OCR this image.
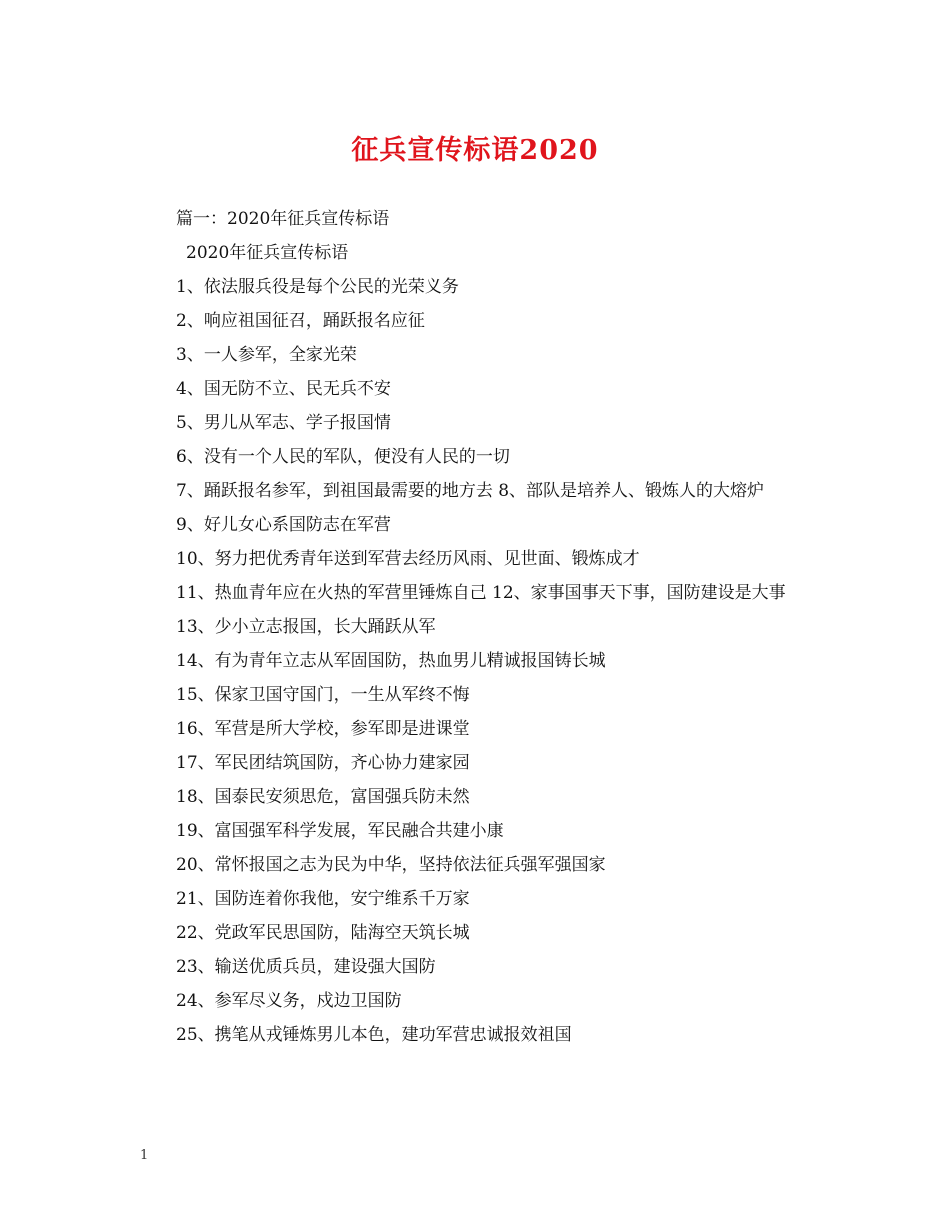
征兵宣传标语2020

篇一：2020年征兵宣传标语

2020年征兵宣传标语

1、依法服兵役是每个公民的光荣义务

2、响应祖国征召，踊跃报名应征

3、一人参军，全家光荣

4、国无防不立、民无兵不安

5、男儿从军志、学子报国情

6、没有一个人民的军队，便没有人民的一切

7、踊跃报名参军，到祖国最需要的地方去 8、部队是培养人、锻炼人的大熔炉

9、好儿女心系国防志在军营

10、努力把优秀青年送到军营去经历风雨、见世面、锻炼成才

11、热血青年应在火热的军营里锤炼自己 12、家事国事天下事，国防建设是大事

13、少小立志报国，长大踊跃从军

14、有为青年立志从军固国防，热血男儿精诚报国铸长城

15、保家卫国守国门，一生从军终不悔

16、军营是所大学校，参军即是进课堂

17、军民团结筑国防，齐心协力建家园

18、国泰民安须思危，富国强兵防未然

19、富国强军科学发展，军民融合共建小康

20、常怀报国之志为民为中华，坚持依法征兵强军强国家

21、国防连着你我他，安宁维系千万家

22、党政军民思国防，陆海空天筑长城

23、输送优质兵员，建设强大国防

24、参军尽义务，戍边卫国防

25、携笔从戎锤炼男儿本色，建功军营忠诚报效祖国

1
